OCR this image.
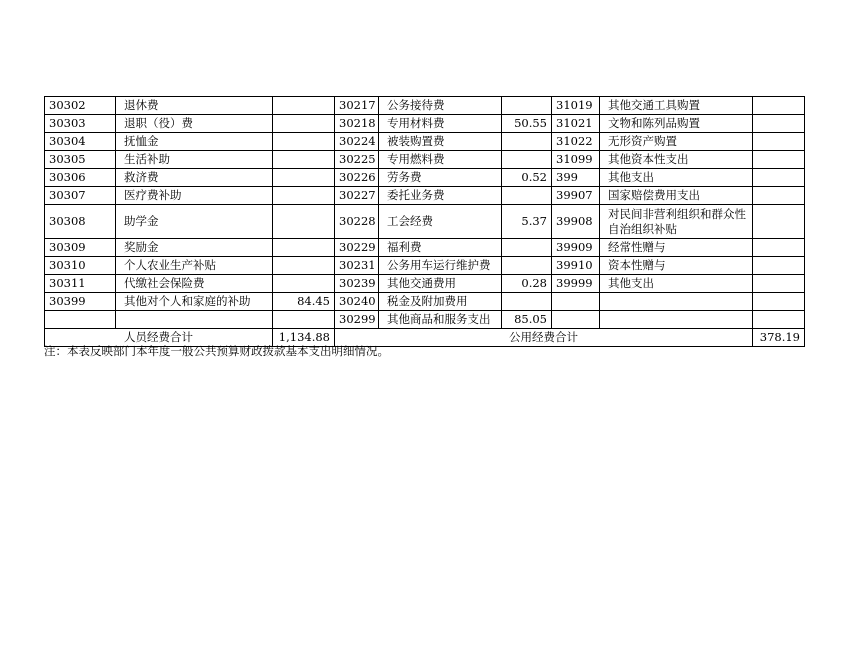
30302	退休费		30217	公务接待费		31019	其他交通工具购置	
30303	退职（役）费		30218	专用材料费	50.55	31021	文物和陈列品购置	
30304	抚恤金		30224	被装购置费		31022	无形资产购置	
30305	生活补助		30225	专用燃料费		31099	其他资本性支出	
30306	救济费		30226	劳务费	0.52	399	其他支出	
30307	医疗费补助		30227	委托业务费		39907	国家赔偿费用支出	
30308	助学金		30228	工会经费	5.37	39908	对民间非营利组织和群众性自治组织补贴	
30309	奖励金		30229	福利费		39909	经常性赠与	
30310	个人农业生产补贴		30231	公务用车运行维护费		39910	资本性赠与	
30311	代缴社会保险费		30239	其他交通费用	0.28	39999	其他支出	
30399	其他对个人和家庭的补助	84.45	30240	税金及附加费用				
			30299	其他商品和服务支出	85.05			
人员经费合计		1,134.88	公用经费合计					378.19
注：本表反映部门本年度一般公共预算财政拨款基本支出明细情况。
